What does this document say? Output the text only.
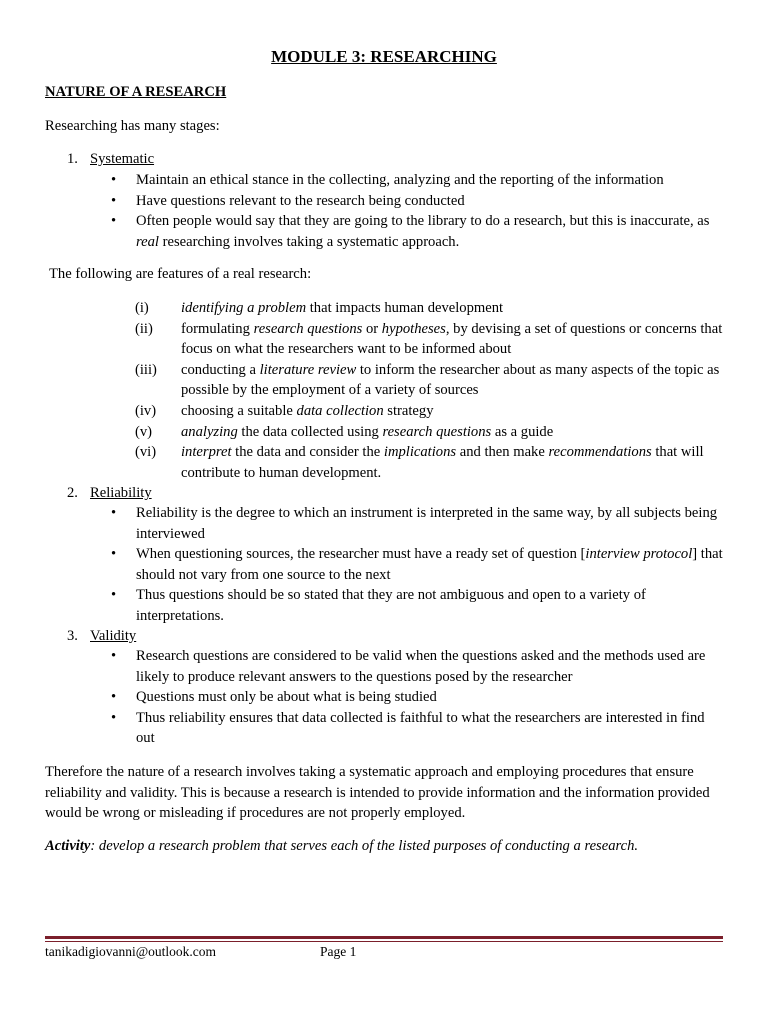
MODULE 3: RESEARCHING
NATURE OF A RESEARCH
Researching has many stages:
1. Systematic
• Maintain an ethical stance in the collecting, analyzing and the reporting of the information
• Have questions relevant to the research being conducted
• Often people would say that they are going to the library to do a research, but this is inaccurate, as real researching involves taking a systematic approach.
The following are features of a real research:
(i) identifying a problem that impacts human development
(ii) formulating research questions or hypotheses, by devising a set of questions or concerns that focus on what the researchers want to be informed about
(iii) conducting a literature review to inform the researcher about as many aspects of the topic as possible by the employment of a variety of sources
(iv) choosing a suitable data collection strategy
(v) analyzing the data collected using research questions as a guide
(vi) interpret the data and consider the implications and then make recommendations that will contribute to human development.
2. Reliability
• Reliability is the degree to which an instrument is interpreted in the same way, by all subjects being interviewed
• When questioning sources, the researcher must have a ready set of question [interview protocol] that should not vary from one source to the next
• Thus questions should be so stated that they are not ambiguous and open to a variety of interpretations.
3. Validity
• Research questions are considered to be valid when the questions asked and the methods used are likely to produce relevant answers to the questions posed by the researcher
• Questions must only be about what is being studied
• Thus reliability ensures that data collected is faithful to what the researchers are interested in find out
Therefore the nature of a research involves taking a systematic approach and employing procedures that ensure reliability and validity. This is because a research is intended to provide information and the information provided would be wrong or misleading if procedures are not properly employed.
Activity: develop a research problem that serves each of the listed purposes of conducting a research.
tanikadigiovanni@outlook.com	Page 1
